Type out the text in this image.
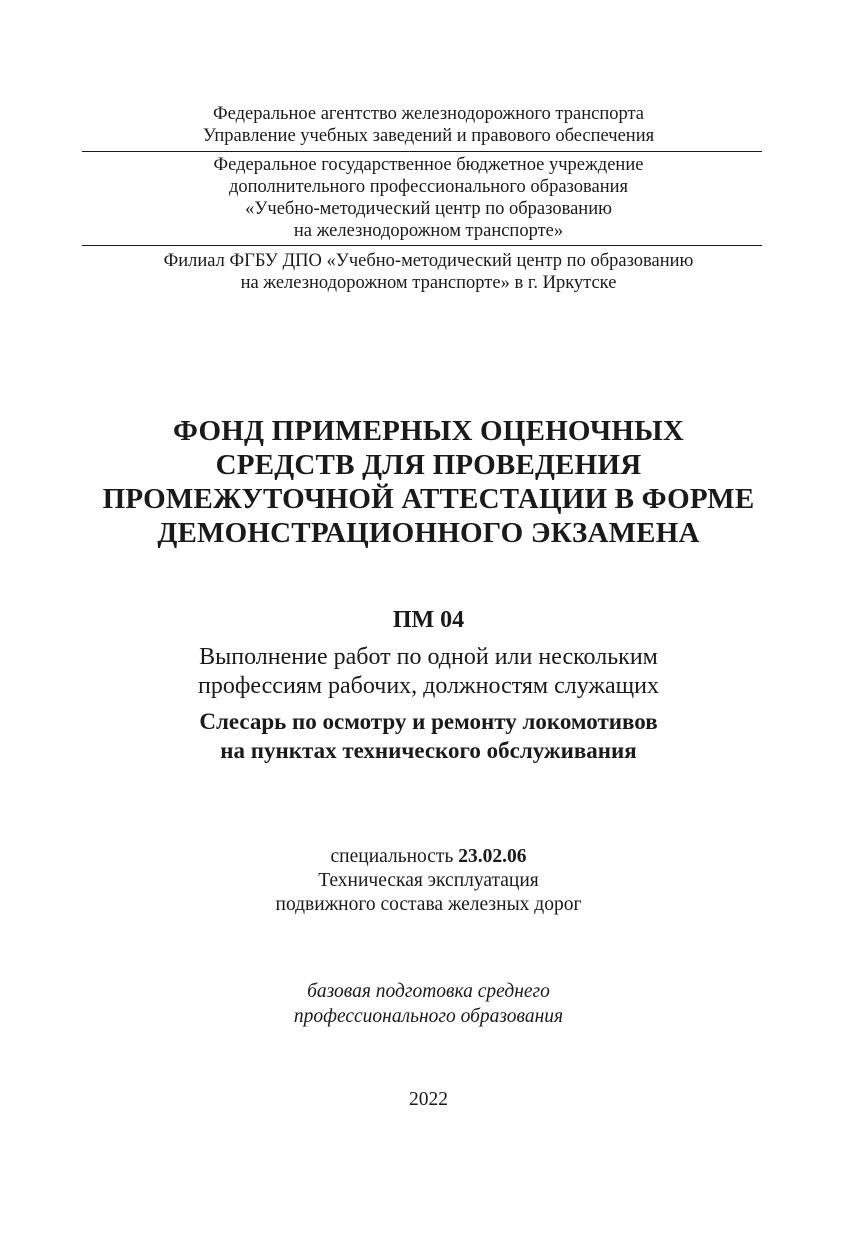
Федеральное агентство железнодорожного транспорта
Управление учебных заведений и правового обеспечения
Федеральное государственное бюджетное учреждение
дополнительного профессионального образования
«Учебно-методический центр по образованию
на железнодорожном транспорте»
Филиал ФГБУ ДПО «Учебно-методический центр по образованию
на железнодорожном транспорте» в г. Иркутске
ФОНД ПРИМЕРНЫХ ОЦЕНОЧНЫХ
СРЕДСТВ ДЛЯ ПРОВЕДЕНИЯ
ПРОМЕЖУТОЧНОЙ АТТЕСТАЦИИ В ФОРМЕ
ДЕМОНСТРАЦИОННОГО ЭКЗАМЕНА
ПМ 04
Выполнение работ по одной или нескольким
профессиям рабочих, должностям служащих
Слесарь по осмотру и ремонту локомотивов
на пунктах технического обслуживания
специальность 23.02.06
Техническая эксплуатация
подвижного состава железных дорог
базовая подготовка среднего
профессионального образования
2022
